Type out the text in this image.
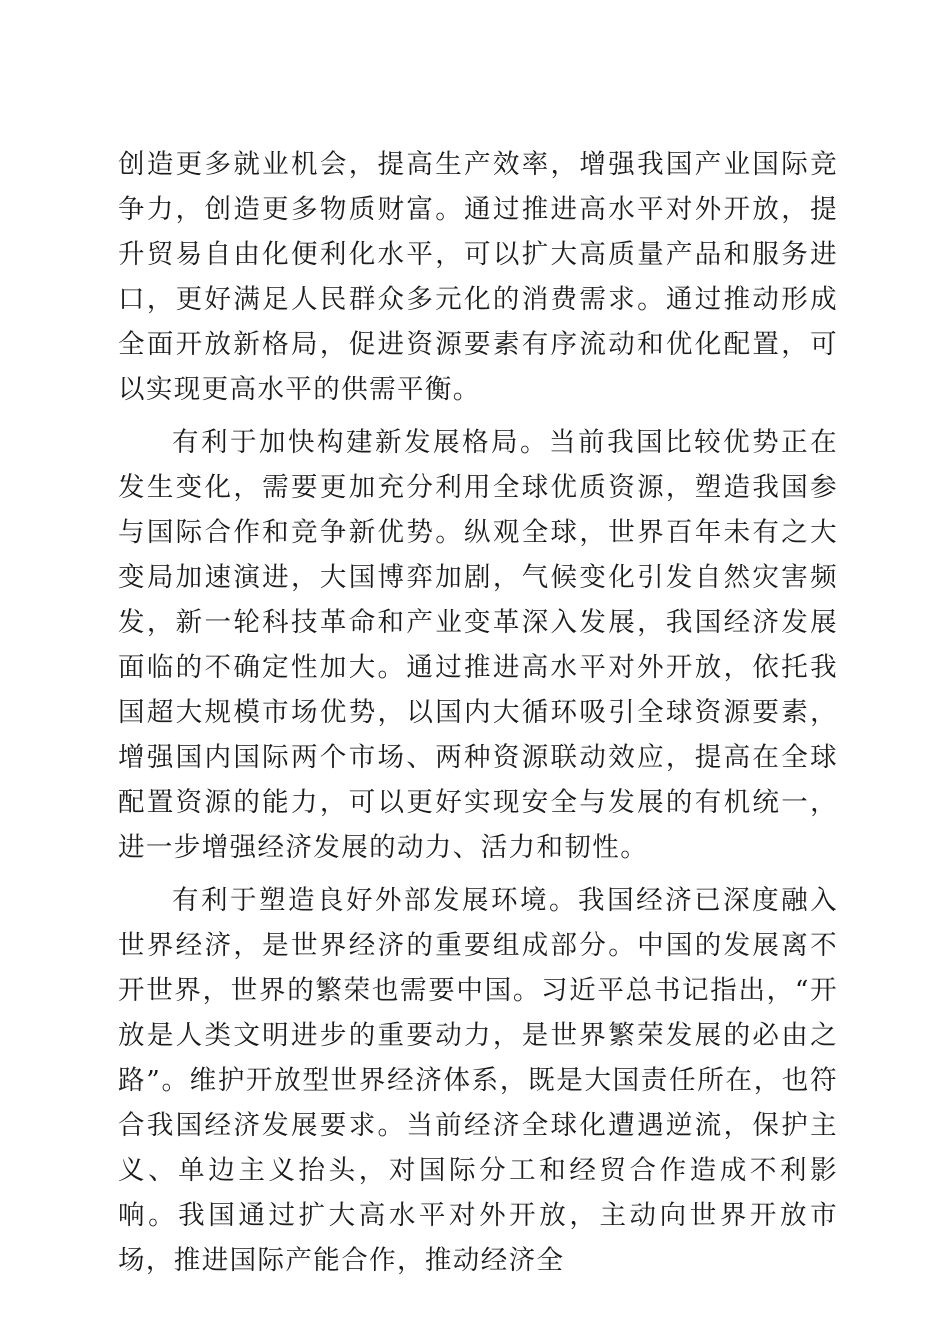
创造更多就业机会，提高生产效率，增强我国产业国际竞争力，创造更多物质财富。通过推进高水平对外开放，提升贸易自由化便利化水平，可以扩大高质量产品和服务进口，更好满足人民群众多元化的消费需求。通过推动形成全面开放新格局，促进资源要素有序流动和优化配置，可以实现更高水平的供需平衡。

有利于加快构建新发展格局。当前我国比较优势正在发生变化，需要更加充分利用全球优质资源，塑造我国参与国际合作和竞争新优势。纵观全球，世界百年未有之大变局加速演进，大国博弈加剧，气候变化引发自然灾害频发，新一轮科技革命和产业变革深入发展，我国经济发展面临的不确定性加大。通过推进高水平对外开放，依托我国超大规模市场优势，以国内大循环吸引全球资源要素，增强国内国际两个市场、两种资源联动效应，提高在全球配置资源的能力，可以更好实现安全与发展的有机统一，进一步增强经济发展的动力、活力和韧性。

有利于塑造良好外部发展环境。我国经济已深度融入世界经济，是世界经济的重要组成部分。中国的发展离不开世界，世界的繁荣也需要中国。习近平总书记指出，“开放是人类文明进步的重要动力，是世界繁荣发展的必由之路”。维护开放型世界经济体系，既是大国责任所在，也符合我国经济发展要求。当前经济全球化遭遇逆流，保护主义、单边主义抬头，对国际分工和经贸合作造成不利影响。我国通过扩大高水平对外开放，主动向世界开放市场，推进国际产能合作，推动经济全
